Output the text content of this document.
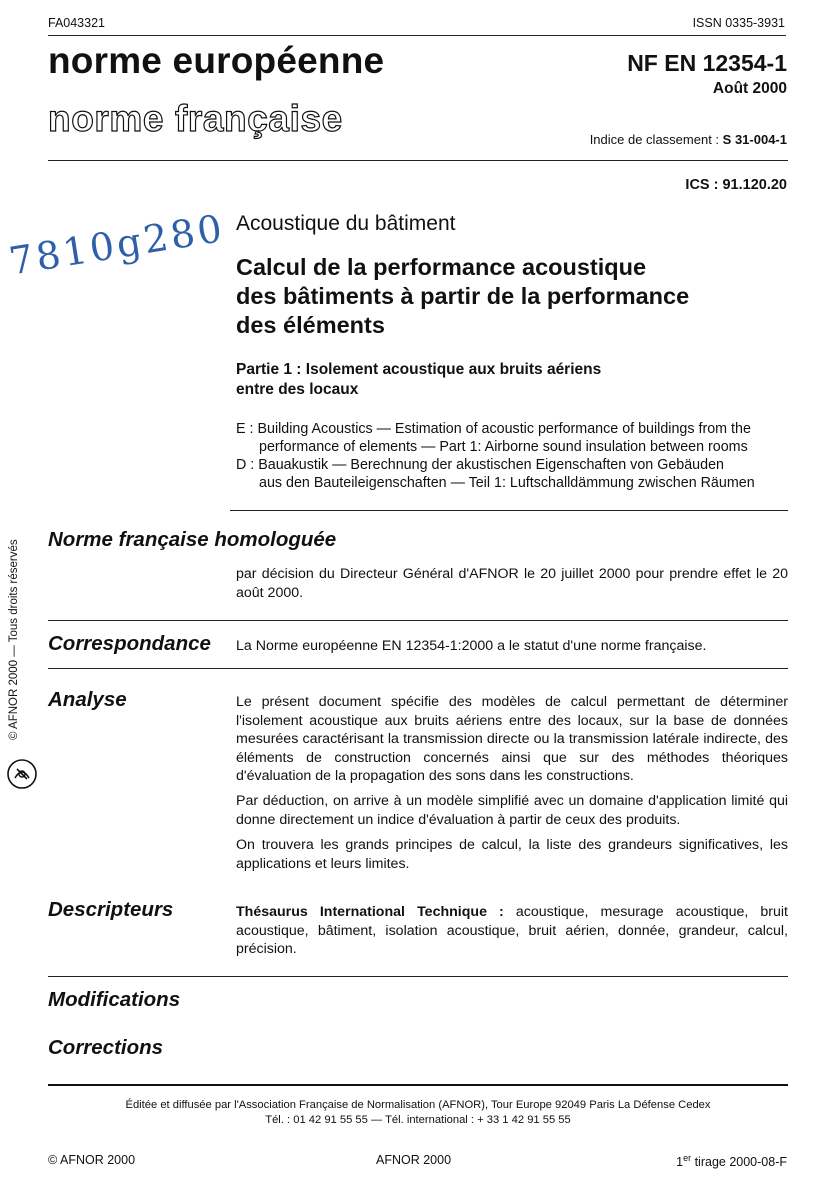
FA043321	ISSN 0335-3931
norme européenne
norme française
NF EN 12354-1
Août 2000
Indice de classement : S 31-004-1
ICS : 91.120.20
7810g280 Acoustique du bâtiment
Calcul de la performance acoustique
des bâtiments à partir de la performance
des éléments
Partie 1 : Isolement acoustique aux bruits aériens
entre des locaux
E : Building Acoustics — Estimation of acoustic performance of buildings from the
performance of elements — Part 1: Airborne sound insulation between rooms
D : Bauakustik — Berechnung der akustischen Eigenschaften von Gebäuden
aus den Bauteileigenschaften — Teil 1: Luftschalldämmung zwischen Räumen
© AFNOR 2000 — Tous droits réservés Norme française homologuée
par décision du Directeur Général d'AFNOR le 20 juillet 2000 pour prendre effet le 20 août 2000.
Correspondance La Norme européenne EN 12354-1:2000 a le statut d'une norme française.
Analyse	Le présent document spécifie des modèles de calcul permettant de déterminer l'isolement acoustique aux bruits aériens entre des locaux, sur la base de données mesurées caractérisant la transmission directe ou la transmission latérale indirecte, des éléments de construction concernés ainsi que sur des méthodes théoriques d'évaluation de la propagation des sons dans les constructions.
Par déduction, on arrive à un modèle simplifié avec un domaine d'application limité qui donne directement un indice d'évaluation à partir de ceux des produits.
On trouvera les grands principes de calcul, la liste des grandeurs significatives, les applications et leurs limites.
Descripteurs	Thésaurus International Technique : acoustique, mesurage acoustique, bruit acoustique, bâtiment, isolation acoustique, bruit aérien, donnée, grandeur, calcul, précision.
Modifications
Corrections
Éditée et diffusée par l'Association Française de Normalisation (AFNOR), Tour Europe 92049 Paris La Défense Cedex
Tél. : 01 42 91 55 55 — Tél. international : + 33 1 42 91 55 55
© AFNOR 2000	AFNOR 2000	1er tirage 2000-08-F
